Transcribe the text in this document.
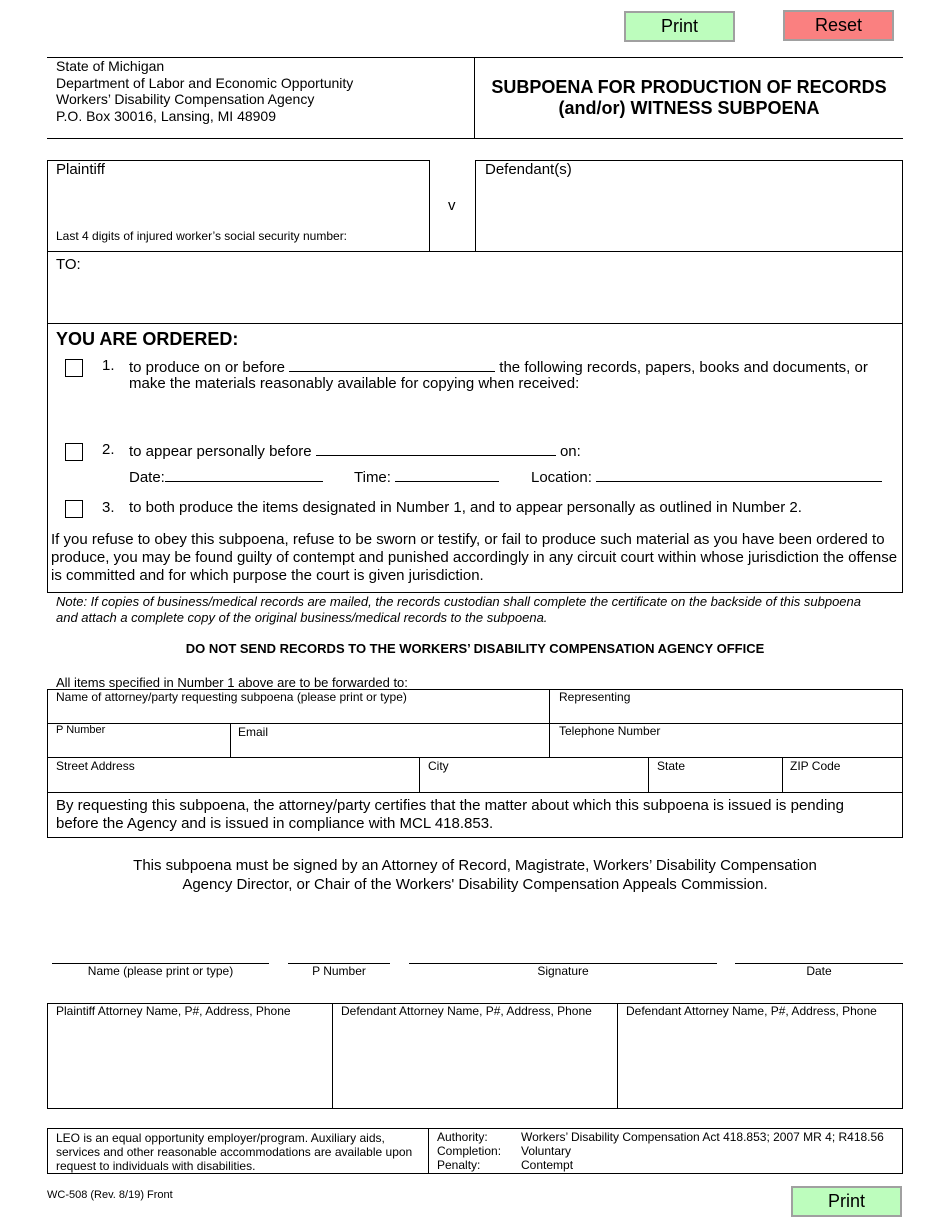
Print	Reset
State of Michigan
Department of Labor and Economic Opportunity
Workers’ Disability Compensation Agency
P.O. Box 30016, Lansing, MI 48909
SUBPOENA FOR PRODUCTION OF RECORDS
(and/or) WITNESS SUBPOENA
Plaintiff
Last 4 digits of injured worker’s social security number:
v
Defendant(s)
TO:
YOU ARE ORDERED:
1. to produce on or before	the following records, papers, books and documents, or
make the materials reasonably available for copying when received:
2. to appear personally before	on:
Date:	Time:	Location:
3. to both produce the items designated in Number 1, and to appear personally as outlined in Number 2.
If you refuse to obey this subpoena, refuse to be sworn or testify, or fail to produce such material as you have been ordered to produce, you may be found guilty of contempt and punished accordingly in any circuit court within whose jurisdiction the offense is committed and for which purpose the court is given jurisdiction.
Note: If copies of business/medical records are mailed, the records custodian shall complete the certificate on the backside of this subpoena and attach a complete copy of the original business/medical records to the subpoena.
DO NOT SEND RECORDS TO THE WORKERS’ DISABILITY COMPENSATION AGENCY OFFICE
All items specified in Number 1 above are to be forwarded to:
Name of attorney/party requesting subpoena (please print or type)	Representing
P Number	Email	Telephone Number
Street Address	City	State	ZIP Code
By requesting this subpoena, the attorney/party certifies that the matter about which this subpoena is issued is pending before the Agency and is issued in compliance with MCL 418.853.
This subpoena must be signed by an Attorney of Record, Magistrate, Workers’ Disability Compensation
Agency Director, or Chair of the Workers' Disability Compensation Appeals Commission.
Name (please print or type)	P Number	Signature	Date
Plaintiff Attorney Name, P#, Address, Phone	Defendant Attorney Name, P#, Address, Phone	Defendant Attorney Name, P#, Address, Phone
LEO is an equal opportunity employer/program. Auxiliary aids, services and other reasonable accommodations are available upon request to individuals with disabilities.
Authority:	Workers’ Disability Compensation Act 418.853; 2007 MR 4; R418.56
Completion: Voluntary
Penalty:	Contempt
WC-508 (Rev. 8/19) Front	Print
